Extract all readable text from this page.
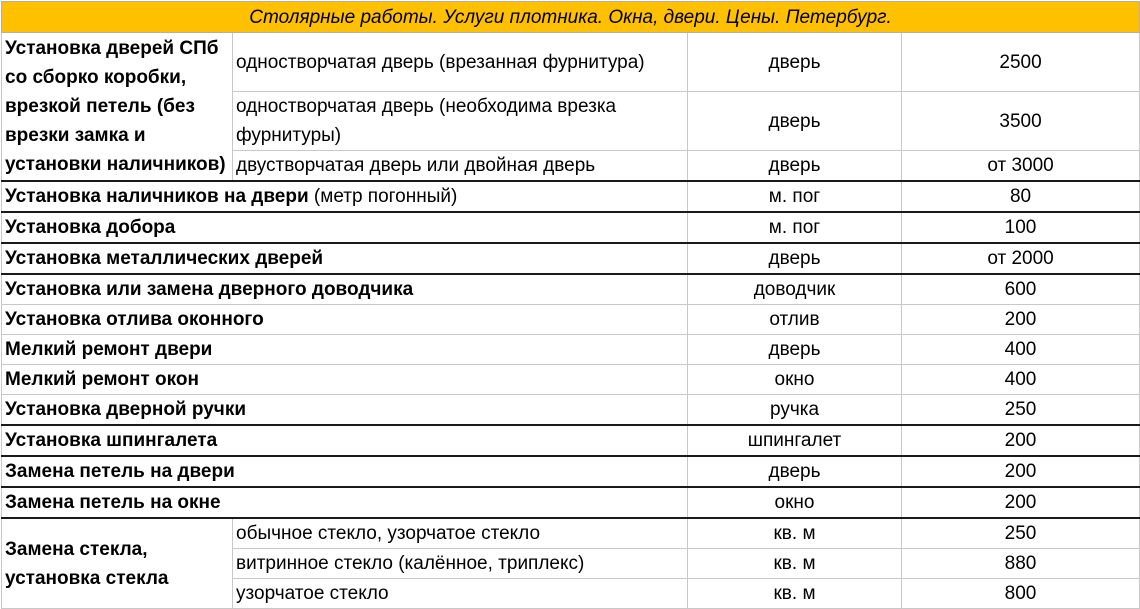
Столярные работы. Услуги плотника. Окна, двери. Цены. Петербург.			
Установка дверей СПб со сборко коробки, врезкой петель (без врезки замка и установки наличников)	одностворчатая дверь (врезанная фурнитура)	дверь	2500
	одностворчатая дверь (необходима врезка фурнитуры)	дверь	3500
	двустворчатая дверь или двойная дверь	дверь	от 3000
Установка наличников на двери (метр погонный)		м. пог	80
Установка добора		м. пог	100
Установка металлических дверей		дверь	от 2000
Установка или замена дверного доводчика		доводчик	600
Установка отлива оконного		отлив	200
Мелкий ремонт двери		дверь	400
Мелкий ремонт окон		окно	400
Установка дверной ручки		ручка	250
Установка шпингалета		шпингалет	200
Замена петель на двери		дверь	200
Замена петель на окне		окно	200
Замена стекла, установка стекла	обычное стекло, узорчатое стекло	кв. м	250
	витринное стекло (калённое, триплекс)	кв. м	880
	узорчатое стекло	кв. м	800
